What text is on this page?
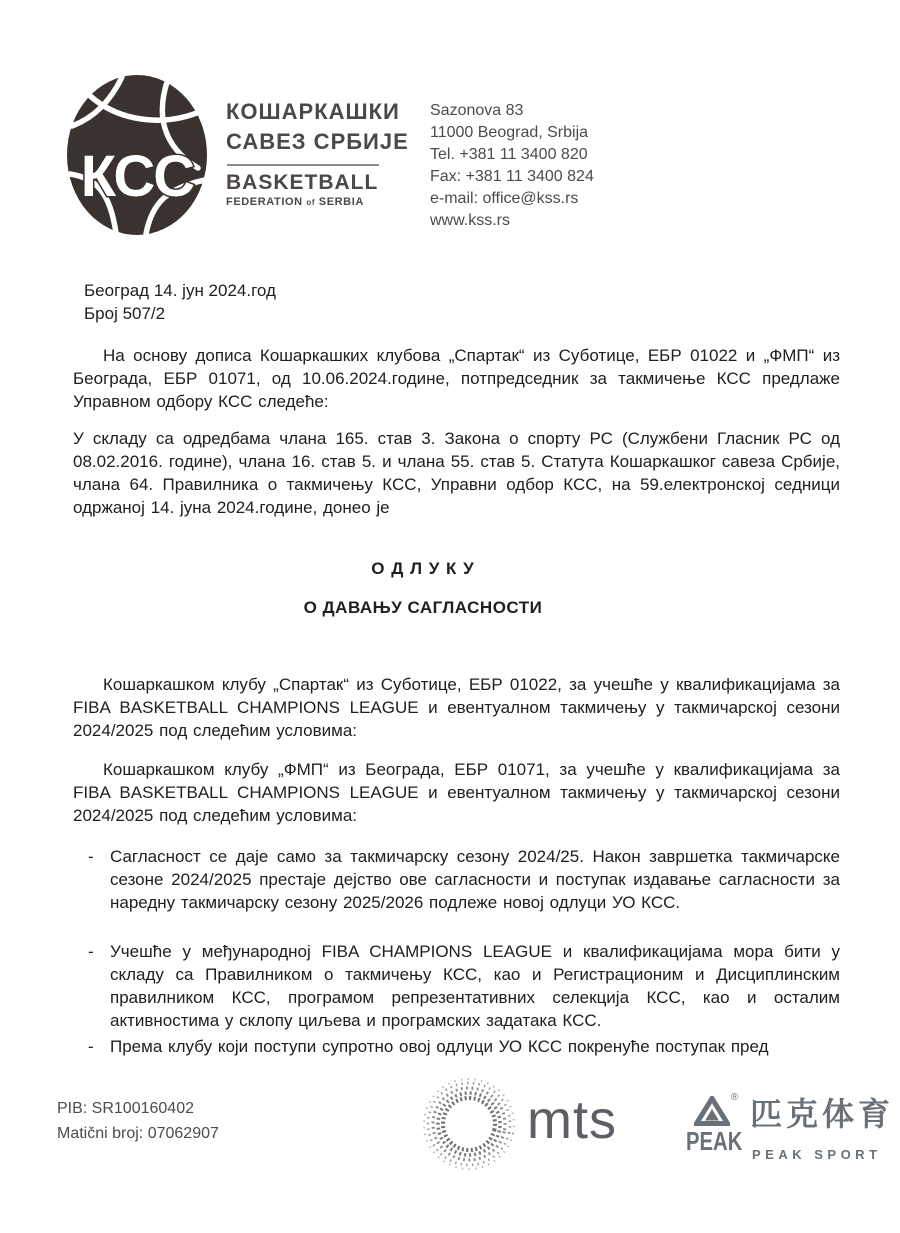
КСС
КОШАРКАШКИ
САВЕЗ СРБИЈЕ
BASKETBALL
FEDERATION of SERBIA
Sazonova 83
11000 Beograd, Srbija
Tel. +381 11 3400 820
Fax: +381 11 3400 824
e-mail: office@kss.rs
www.kss.rs
Београд 14. јун 2024.год
Број 507/2
На основу дописа Кошаркашких клубова „Спартак“ из Суботице, ЕБР 01022 и „ФМП“ из Београда, ЕБР 01071, од 10.06.2024.године, потпредседник за такмичење КСС предлаже Управном одбору КСС следеће:
У складу са одредбама члана 165. став 3. Закона о спорту РС (Службени Гласник РС од 08.02.2016. године), члана 16. став 5. и члана 55. став 5. Статута Кошаркашког савеза Србије, члана 64. Правилника о такмичењу КСС, Управни одбор КСС, на 59.електронској седници одржаној 14. јуна 2024.године, донео је
О Д Л У К У
О ДАВАЊУ САГЛАСНОСТИ
Кошаркашком клубу „Спартак“ из Суботице, ЕБР 01022, за учешће у квалификацијама за FIBA BASKETBALL CHAMPIONS LEAGUE и евентуалном такмичењу у такмичарској сезони 2024/2025 под следећим условима:
Кошаркашком клубу „ФМП“ из Београда, ЕБР 01071, за учешће у квалификацијама за FIBA BASKETBALL CHAMPIONS LEAGUE и евентуалном такмичењу у такмичарској сезони 2024/2025 под следећим условима:
- Сагласност се даје само за такмичарску сезону 2024/25. Након завршетка такмичарске сезоне 2024/2025 престаје дејство ове сагласности и поступак издавање сагласности за наредну такмичарску сезону 2025/2026 подлеже новој одлуци УО КСС.
- Учешће у међународној FIBA CHAMPIONS LEAGUE и квалификацијама мора бити у складу са Правилником о такмичењу КСС, као и Регистрационим и Дисциплинским правилником КСС, програмом репрезентативних селекција КСС, као и осталим активностима у склопу циљева и програмских задатака КСС.
- Према клубу који поступи супротно овој одлуци УО КСС покренуће поступак пред
PIB: SR100160402
Matični broj: 07062907	mts	®
PEAK
匹克体育
PEAK SPORT
